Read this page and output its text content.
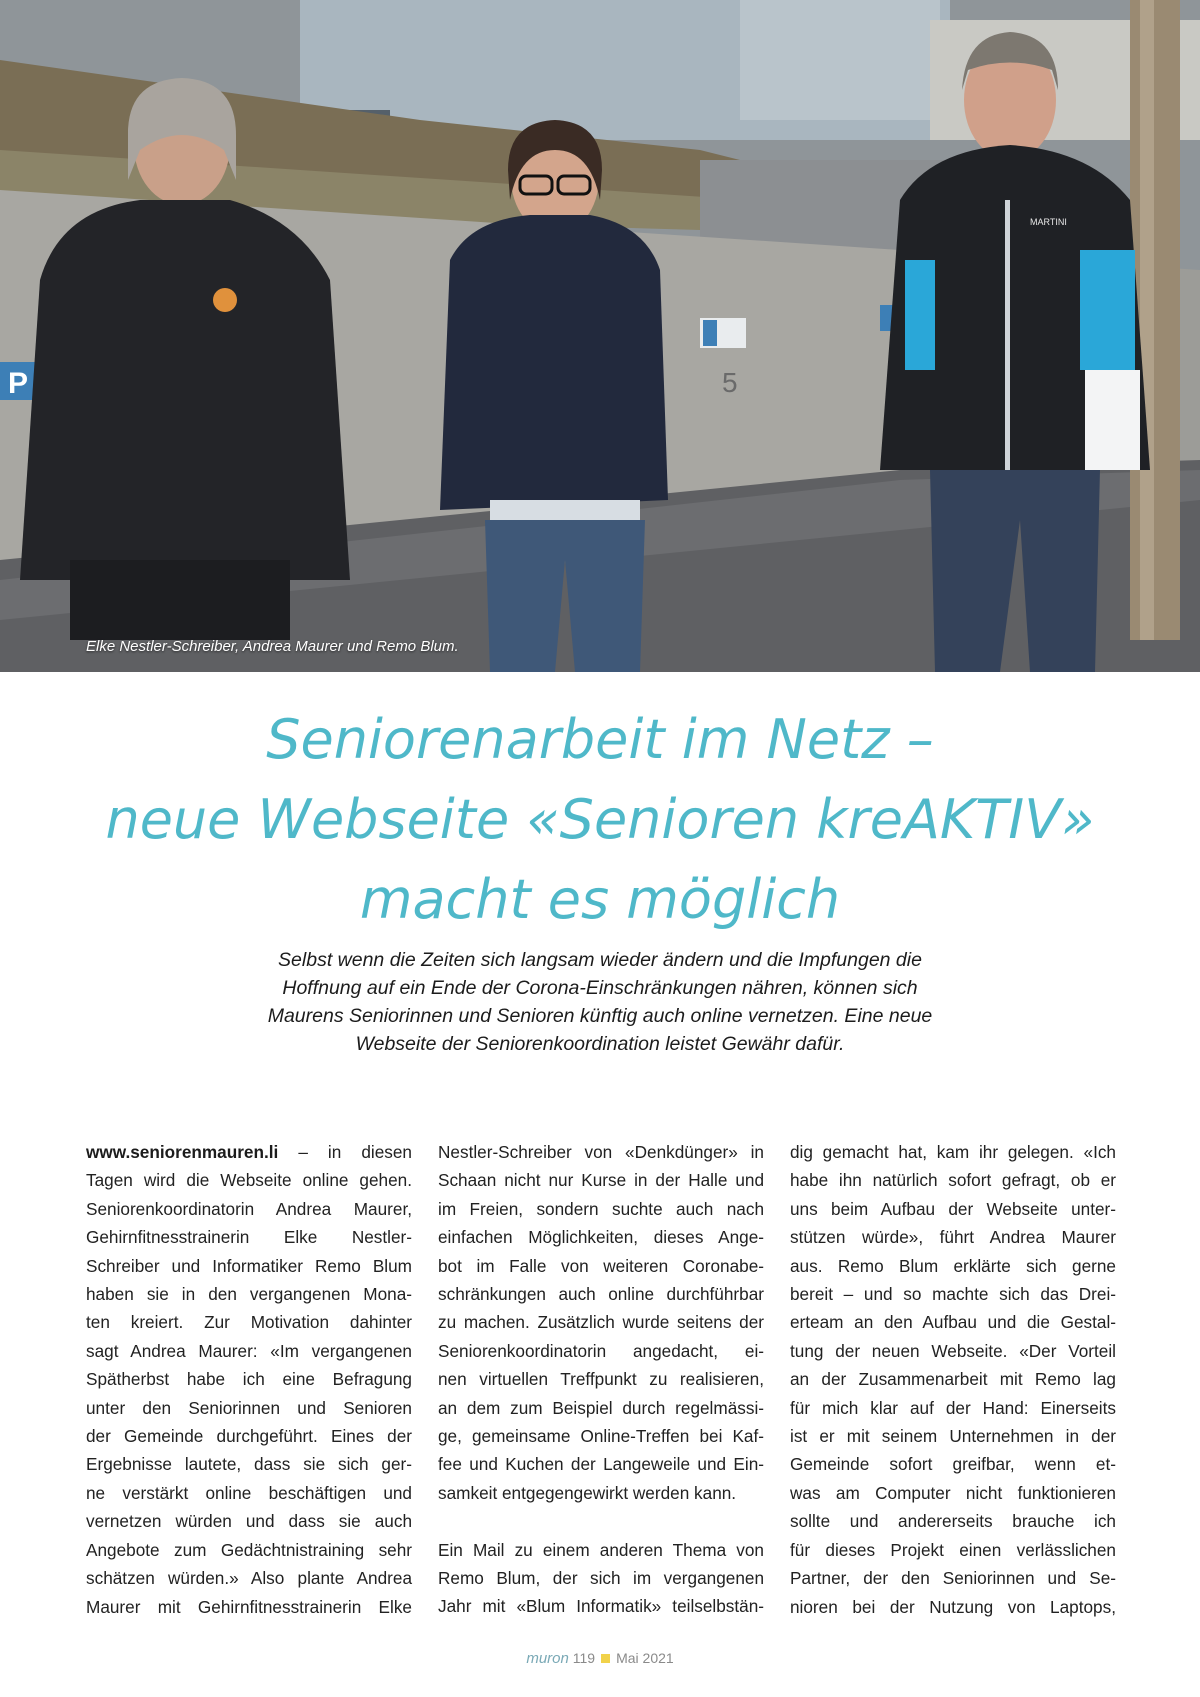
P	5
MARTINI
Elke Nestler-Schreiber, Andrea Maurer und Remo Blum.
Seniorenarbeit im Netz –
neue Webseite «Senioren kreAKTIV»
macht es möglich

Selbst wenn die Zeiten sich langsam wieder ändern und die Impfungen die
Hoffnung auf ein Ende der Corona-Einschränkungen nähren, können sich
Maurens Seniorinnen und Senioren künftig auch online vernetzen. Eine neue
Webseite der Seniorenkoordination leistet Gewähr dafür.

www.seniorenmauren.li – in diesen
Tagen wird die Webseite online gehen.
Seniorenkoordinatorin Andrea Maurer,
Gehirnfitnesstrainerin Elke Nestler-
Schreiber und Informatiker Remo Blum
haben sie in den vergangenen Mona-
ten kreiert. Zur Motivation dahinter
sagt Andrea Maurer: «Im vergangenen
Spätherbst habe ich eine Befragung
unter den Seniorinnen und Senioren
der Gemeinde durchgeführt. Eines der
Ergebnisse lautete, dass sie sich ger-
ne verstärkt online beschäftigen und
vernetzen würden und dass sie auch
Angebote zum Gedächtnistraining sehr
schätzen würden.» Also plante Andrea
Maurer mit Gehirnfitnesstrainerin Elke
Nestler-Schreiber von «Denkdünger» in
Schaan nicht nur Kurse in der Halle und
im Freien, sondern suchte auch nach
einfachen Möglichkeiten, dieses Ange-
bot im Falle von weiteren Coronabe-
schränkungen auch online durchführbar
zu machen. Zusätzlich wurde seitens der
Seniorenkoordinatorin angedacht, ei-
nen virtuellen Treffpunkt zu realisieren,
an dem zum Beispiel durch regelmässi-
ge, gemeinsame Online-Treffen bei Kaf-
fee und Kuchen der Langeweile und Ein-
samkeit entgegengewirkt werden kann.
Ein Mail zu einem anderen Thema von
Remo Blum, der sich im vergangenen
Jahr mit «Blum Informatik» teilselbstän-
dig gemacht hat, kam ihr gelegen. «Ich
habe ihn natürlich sofort gefragt, ob er
uns beim Aufbau der Webseite unter-
stützen würde», führt Andrea Maurer
aus. Remo Blum erklärte sich gerne
bereit – und so machte sich das Drei-
erteam an den Aufbau und die Gestal-
tung der neuen Webseite. «Der Vorteil
an der Zusammenarbeit mit Remo lag
für mich klar auf der Hand: Einerseits
ist er mit seinem Unternehmen in der
Gemeinde sofort greifbar, wenn et-
was am Computer nicht funktionieren
sollte und andererseits brauche ich
für dieses Projekt einen verlässlichen
Partner, der den Seniorinnen und Se-
nioren bei der Nutzung von Laptops,
muron 119 Mai 2021
